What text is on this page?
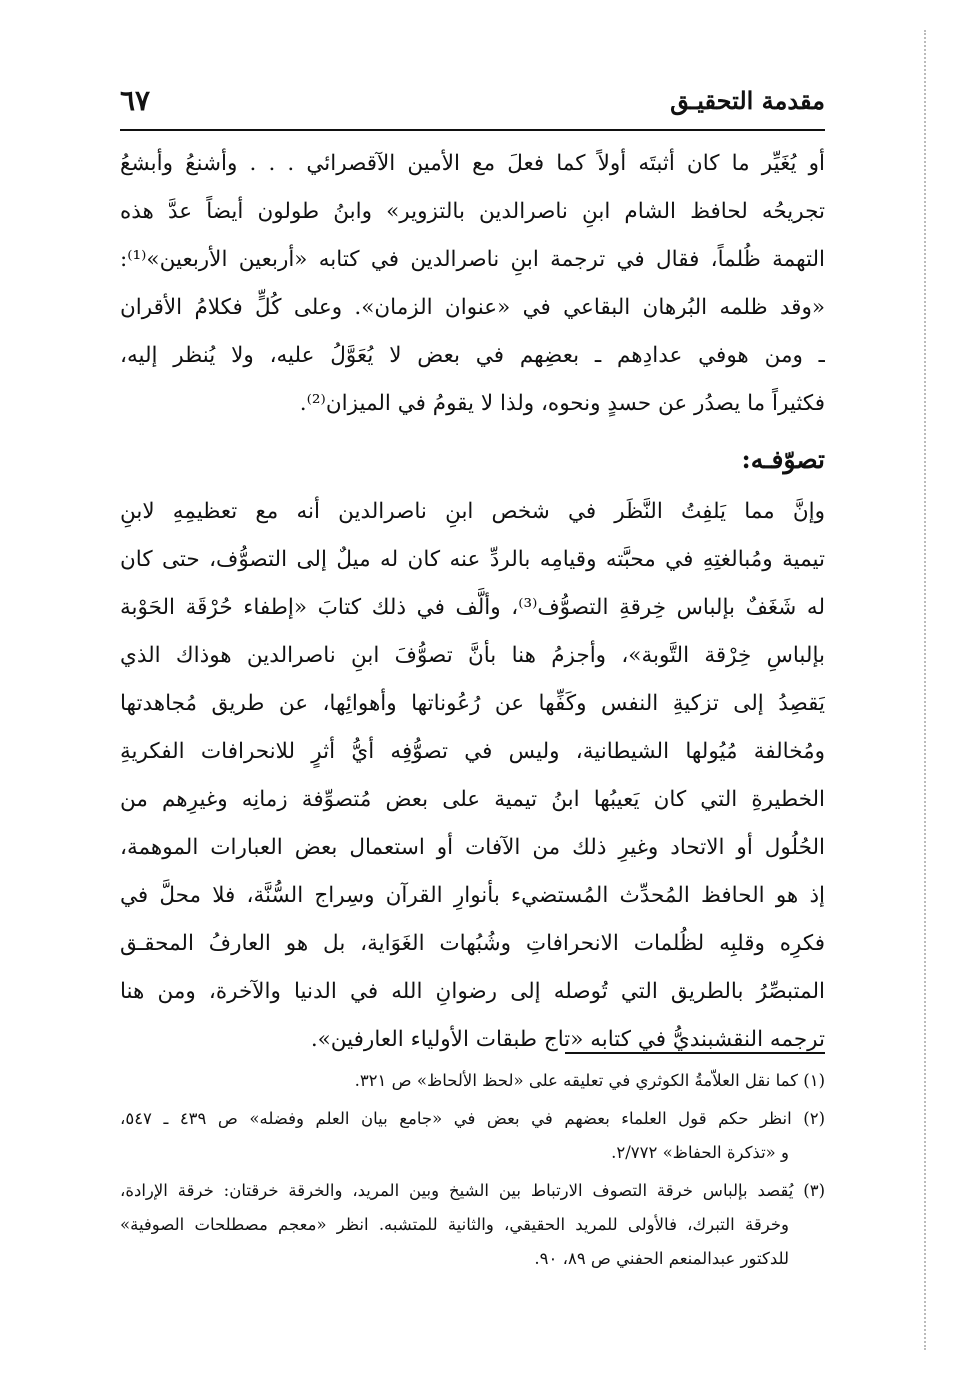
مقدمة التحقيـق
٦٧
أو يُغَيِّر ما كان أثبتَه أولاً كما فعلَ مع الأمين الآقصرائي . . . وأشنعُ وأبشعُ
تجريحُه لحافظ الشام ابنِ ناصرالدين بالتزوير» وابنُ طولون أيضاً عدَّ هذه
التهمة ظُلماً، فقال في ترجمة ابنِ ناصرالدين في كتابه «أربعين الأربعين»⁽¹⁾:
«وقد ظلمه البُرهان البقاعي في «عنوان الزمان». وعلى كُلٍّ فكلامُ الأقران
ـ ومن هوفي عدادِهم ـ بعضِهم في بعض لا يُعَوَّلُ عليه، ولا يُنظر إليه،
فكثيراً ما يصدُر عن حسدٍ ونحوه، ولذا لا يقومُ في الميزان⁽²⁾.
تصوّفـه:
وإنَّ مما يَلفِتُ النَّظَر في شخص ابنِ ناصرالدين أنه مع تعظيمِهِ لابنِ
تيمية ومُبالغتِهِ في محبَّته وقيامِه بالردِّ عنه كان له ميلٌ إلى التصوُّف، حتى كان
له شَغَفٌ بإلباس خِرقةِ التصوُّف⁽³⁾، وألَّف في ذلك كتابَ «إطفاء حُرْقَة الحَوْبة
بإلباسِ خِرْقة التَّوبة»، وأجزمُ هنا بأنَّ تصوُّفَ ابنِ ناصرالدين هوذاك الذي
يَقصِدُ إلى تزكيةِ النفس وكَفِّها عن رُعُوناتها وأهوائِها، عن طريق مُجاهدتها
ومُخالفة مُيُولها الشيطانية، وليس في تصوُّفِه أيُّ أثرٍ للانحرافات الفكريةِ
الخطيرةِ التي كان يَعيبُها ابنُ تيمية على بعض مُتصوِّفة زمانِه وغيرِهم من
الحُلُول أو الاتحاد وغيرِ ذلك من الآفات أو استعمال بعض العبارات الموهمة،
إذ هو الحافظ المُحدِّث المُستضيء بأنوارِ القرآن وسِراج السُّنَّة، فلا محلَّ في
فكرِه وقلبِه لظُلمات الانحرافاتِ وشُبُهات الغَوَاية، بل هو العارفُ المحقـق
المتبصِّرُ بالطريق التي تُوصله إلى رضوانِ الله في الدنيا والآخرة، ومن هنا
ترجمه النقشبنديُّ في كتابه «تاج طبقات الأولياء العارفين».
(١) كما نقل العلاّمةُ الكوثري في تعليقه على «لحظ الألحاظ» ص ٣٢١.
(٢) انظر حكم قول العلماء بعضهم في بعض في «جامع بيان العلم وفضله» ص ٤٣٩ ـ ٥٤٧،
و «تذكرة الحفاظ» ٢/٧٧٢.
(٣) يُقصد بإلباس خرقة التصوف الارتباط بين الشيخ وبين المريد، والخرقة خرقتان: خرقة الإرادة،
وخرقة التبرك، فالأولى للمريد الحقيقي، والثانية للمتشبه. انظر «معجم مصطلحات الصوفية»
للدكتور عبدالمنعم الحفني ص ٨٩، ٩٠.
